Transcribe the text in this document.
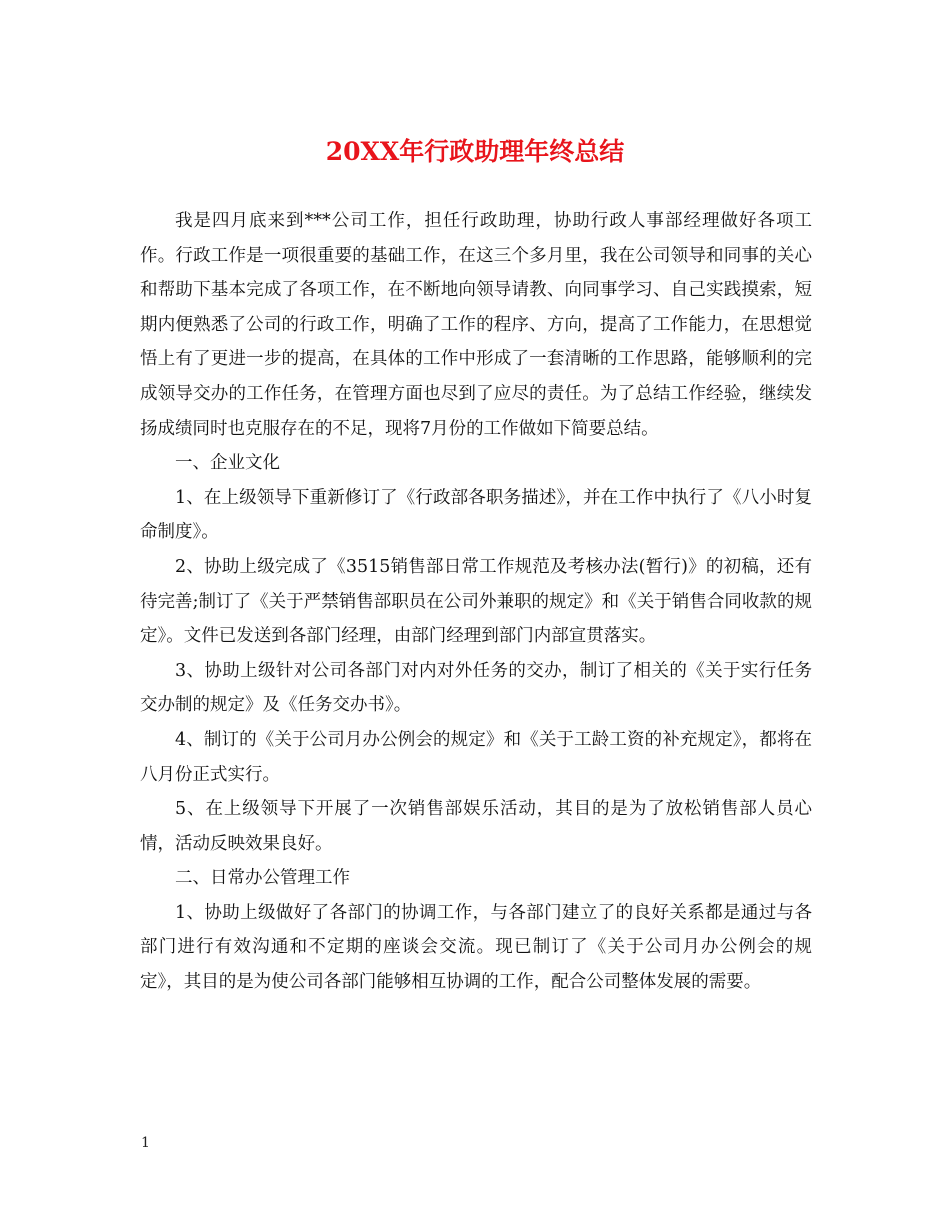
20XX年行政助理年终总结

我是四月底来到***公司工作，担任行政助理，协助行政人事部经理做好各项工作。行政工作是一项很重要的基础工作，在这三个多月里，我在公司领导和同事的关心和帮助下基本完成了各项工作，在不断地向领导请教、向同事学习、自己实践摸索，短期内便熟悉了公司的行政工作，明确了工作的程序、方向，提高了工作能力，在思想觉悟上有了更进一步的提高，在具体的工作中形成了一套清晰的工作思路，能够顺利的完成领导交办的工作任务，在管理方面也尽到了应尽的责任。为了总结工作经验，继续发扬成绩同时也克服存在的不足，现将7月份的工作做如下简要总结。

一、企业文化

1、在上级领导下重新修订了《行政部各职务描述》，并在工作中执行了《八小时复命制度》。

2、协助上级完成了《3515销售部日常工作规范及考核办法(暂行)》的初稿，还有待完善;制订了《关于严禁销售部职员在公司外兼职的规定》和《关于销售合同收款的规定》。文件已发送到各部门经理，由部门经理到部门内部宣贯落实。

3、协助上级针对公司各部门对内对外任务的交办，制订了相关的《关于实行任务交办制的规定》及《任务交办书》。

4、制订的《关于公司月办公例会的规定》和《关于工龄工资的补充规定》，都将在八月份正式实行。

5、在上级领导下开展了一次销售部娱乐活动，其目的是为了放松销售部人员心情，活动反映效果良好。

二、日常办公管理工作

1、协助上级做好了各部门的协调工作，与各部门建立了的良好关系都是通过与各部门进行有效沟通和不定期的座谈会交流。现已制订了《关于公司月办公例会的规定》，其目的是为使公司各部门能够相互协调的工作，配合公司整体发展的需要。

1
